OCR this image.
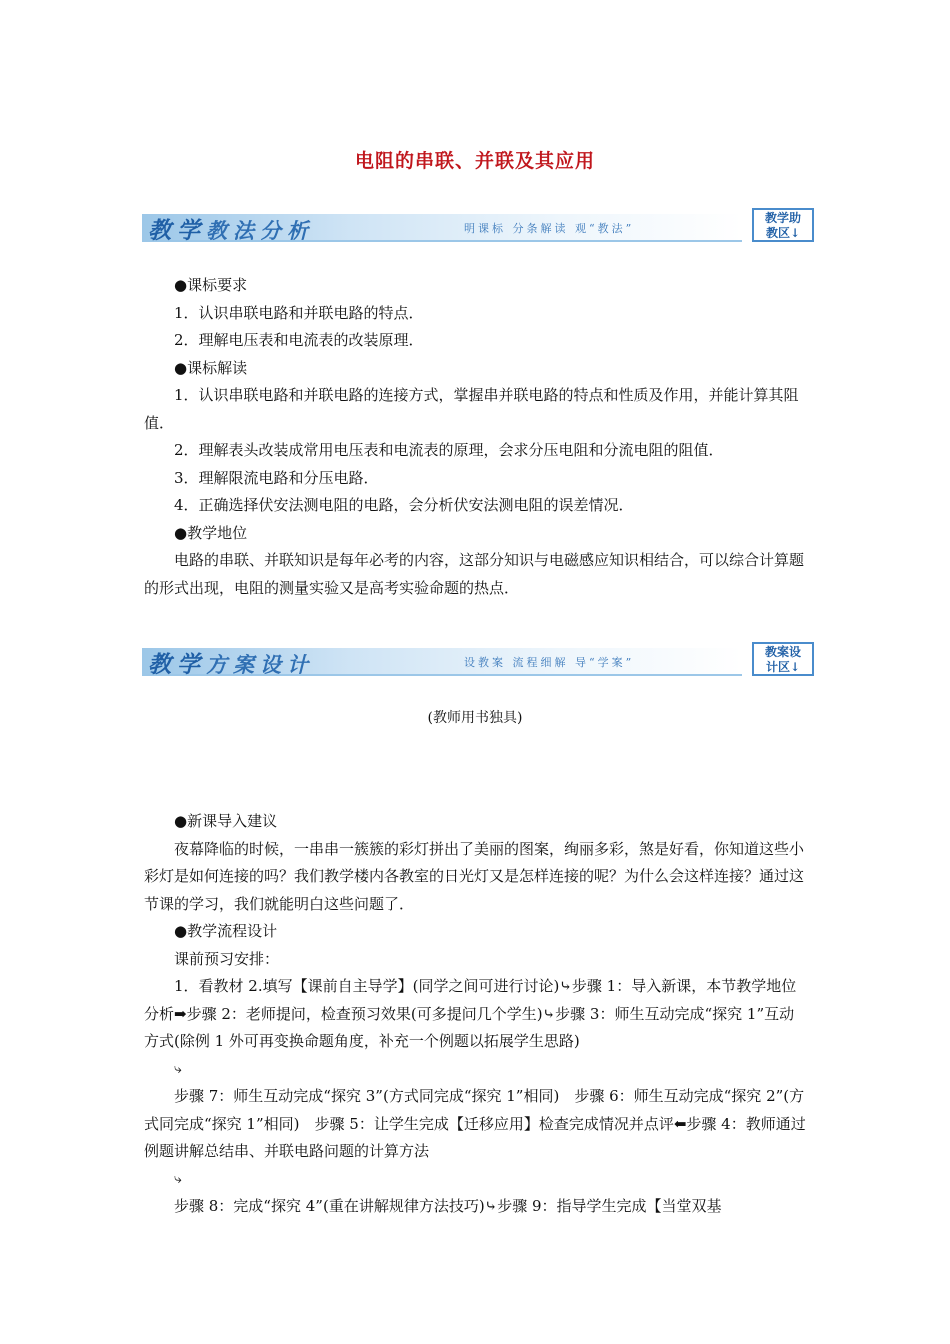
电阻的串联、并联及其应用
教学教法分析	明课标 分条解读 观“教法”
教学助
教区↓

●课标要求

1．认识串联电路和并联电路的特点．

2．理解电压表和电流表的改装原理．

●课标解读

1．认识串联电路和并联电路的连接方式，掌握串并联电路的特点和性质及作用，并能计算其阻值．

2．理解表头改装成常用电压表和电流表的原理，会求分压电阻和分流电阻的阻值．

3．理解限流电路和分压电路．

4．正确选择伏安法测电阻的电路，会分析伏安法测电阻的误差情况．

●教学地位

电路的串联、并联知识是每年必考的内容，这部分知识与电磁感应知识相结合，可以综合计算题的形式出现，电阻的测量实验又是高考实验命题的热点．

教学方案设计	设教案 流程细解 导“学案”
教案设
计区↓
(教师用书独具)

●新课导入建议

夜幕降临的时候，一串串一簇簇的彩灯拼出了美丽的图案，绚丽多彩，煞是好看，你知道这些小彩灯是如何连接的吗？我们教学楼内各教室的日光灯又是怎样连接的呢？为什么会这样连接？通过这节课的学习，我们就能明白这些问题了．

●教学流程设计

课前预习安排：

1．看教材 2.填写【课前自主导学】(同学之间可进行讨论)⤷步骤 1：导入新课，本节教学地位分析➡步骤 2：老师提问，检查预习效果(可多提问几个学生)⤷步骤 3：师生互动完成“探究 1”互动方式(除例 1 外可再变换命题角度，补充一个例题以拓展学生思路)

⤷

步骤 7：师生互动完成“探究 3”(方式同完成“探究 1”相同)　步骤 6：师生互动完成“探究 2”(方式同完成“探究 1”相同)　步骤 5：让学生完成【迁移应用】检查完成情况并点评⬅步骤 4：教师通过例题讲解总结串、并联电路问题的计算方法

⤷

步骤 8：完成“探究 4”(重在讲解规律方法技巧)⤷步骤 9：指导学生完成【当堂双基
